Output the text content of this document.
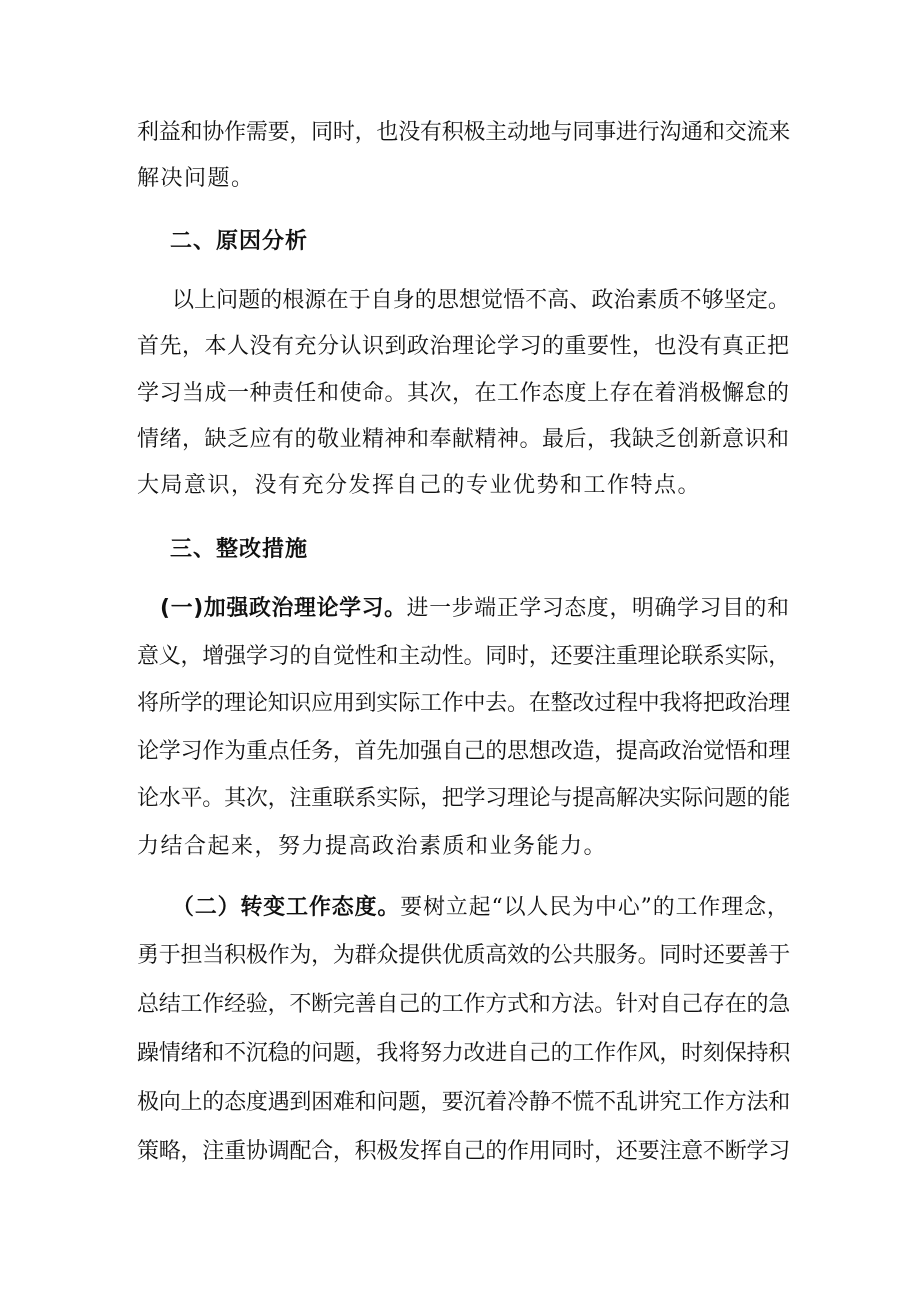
利益和协作需要，同时，也没有积极主动地与同事进行沟通和交流来
解决问题。
二、原因分析
以上问题的根源在于自身的思想觉悟不高、政治素质不够坚定。
首先，本人没有充分认识到政治理论学习的重要性，也没有真正把
学习当成一种责任和使命。其次，在工作态度上存在着消极懈怠的
情绪，缺乏应有的敬业精神和奉献精神。最后，我缺乏创新意识和
大局意识，没有充分发挥自己的专业优势和工作特点。
三、整改措施
(一)加强政治理论学习。进一步端正学习态度，明确学习目的和
意义，增强学习的自觉性和主动性。同时，还要注重理论联系实际，
将所学的理论知识应用到实际工作中去。在整改过程中我将把政治理
论学习作为重点任务，首先加强自己的思想改造，提高政治觉悟和理
论水平。其次，注重联系实际，把学习理论与提高解决实际问题的能
力结合起来，努力提高政治素质和业务能力。
（二）转变工作态度。要树立起“以人民为中心”的工作理念，
勇于担当积极作为，为群众提供优质高效的公共服务。同时还要善于
总结工作经验，不断完善自己的工作方式和方法。针对自己存在的急
躁情绪和不沉稳的问题，我将努力改进自己的工作作风，时刻保持积
极向上的态度遇到困难和问题，要沉着冷静不慌不乱讲究工作方法和
策略，注重协调配合，积极发挥自己的作用同时，还要注意不断学习
